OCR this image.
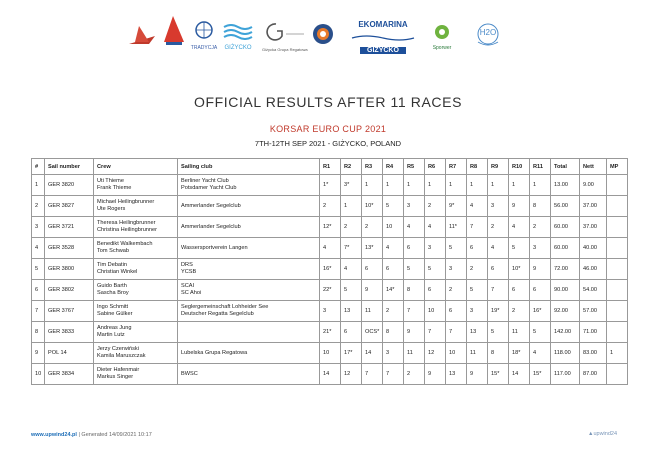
TRADYCJA	GIŻYCKO	Giżycka Grupa Regatowa
EKOMARINA
GIŻYCKO	Sporwer
H2O
OFFICIAL RESULTS AFTER 11 RACES
KORSAR EURO CUP 2021
7TH-12TH SEP 2021 - GIŻYCKO, POLAND
#	Sail number	Crew	Sailing club	R1	R2	R3	R4	R5	R6	R7	R8	R9	R10	R11	Total	Nett	MP
1	GER 3820	Uti Thieme
Frank Thieme	Berliner Yacht Club
Potsdamer Yacht Club	1*	3*	1	1	1	1	1	1	1	1	1	13.00	9.00	
2	GER 3827	Michael Heilingbrunner
Ute Rogers	Ammerlander Segelclub	2	1	10*	5	3	2	9*	4	3	9	8	56.00	37.00	
3	GER 3721	Theresa Heilingbrunner
Christina Heilingbrunner	Ammerlander Segelclub	12*	2	2	10	4	4	11*	7	2	4	2	60.00	37.00	
4	GER 3528	Benedikt Walkembach
Tom Schwab	Wassersportverein Langen	4	7*	13*	4	6	3	5	6	4	5	3	60.00	40.00	
5	GER 3800	Tim Debatin
Christian Winkel	DRS
YCSB	16*	4	6	6	5	5	3	2	6	10*	9	72.00	46.00	
6	GER 3802	Guido Barth
Sascha Broy	SCAI
SC Ahoi	22*	5	9	14*	8	6	2	5	7	6	6	90.00	54.00	
7	GER 3767	Ingo Schmitt
Sabine Gülker	Seglergemeinschaft Lohheider See
Deutscher Regatta Segelclub	3	13	11	2	7	10	6	3	19*	2	16*	92.00	57.00	
8	GER 3833	Andreas Jung
Martin Lutz		21*	6	OCS*	8	9	7	7	13	5	11	5	142.00	71.00	
9	POL 14	Jerzy Czerwiński
Kamila Maruszczak	Lubelska Grupa Regatowa	10	17*	14	3	11	12	10	11	8	18*	4	118.00	83.00	1
10	GER 3834	Dieter Hafenmair
Markus Singer	BWSC	14	12	7	7	2	9	13	9	15*	14	15*	117.00	87.00	
www.upwind24.pl | Generated 14/09/2021 10:17	▲upwind24
